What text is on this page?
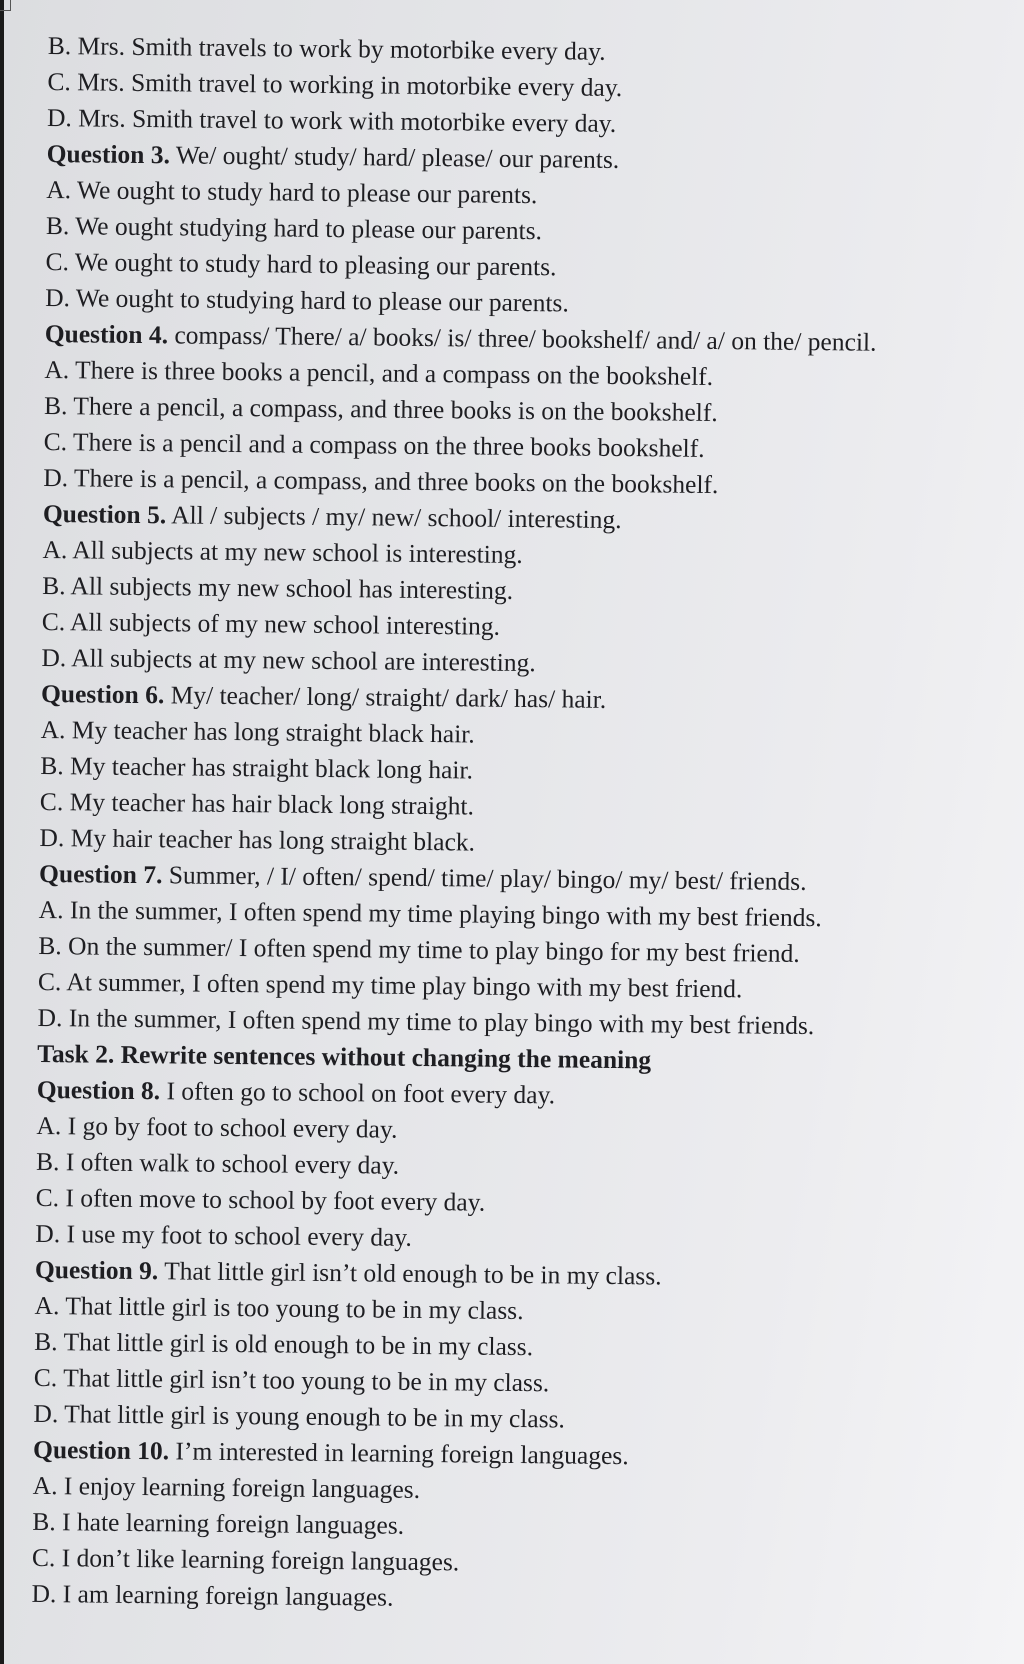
B. Mrs. Smith travels to work by motorbike every day.
C. Mrs. Smith travel to working in motorbike every day.
D. Mrs. Smith travel to work with motorbike every day.
Question 3. We/ ought/ study/ hard/ please/ our parents.
A. We ought to study hard to please our parents.
B. We ought studying hard to please our parents.
C. We ought to study hard to pleasing our parents.
D. We ought to studying hard to please our parents.
Question 4. compass/ There/ a/ books/ is/ three/ bookshelf/ and/ a/ on the/ pencil.
A. There is three books a pencil, and a compass on the bookshelf.
B. There a pencil, a compass, and three books is on the bookshelf.
C. There is a pencil and a compass on the three books bookshelf.
D. There is a pencil, a compass, and three books on the bookshelf.
Question 5. All / subjects / my/ new/ school/ interesting.
A. All subjects at my new school is interesting.
B. All subjects my new school has interesting.
C. All subjects of my new school interesting.
D. All subjects at my new school are interesting.
Question 6. My/ teacher/ long/ straight/ dark/ has/ hair.
A. My teacher has long straight black hair.
B. My teacher has straight black long hair.
C. My teacher has hair black long straight.
D. My hair teacher has long straight black.
Question 7. Summer, / I/ often/ spend/ time/ play/ bingo/ my/ best/ friends.
A. In the summer, I often spend my time playing bingo with my best friends.
B. On the summer/ I often spend my time to play bingo for my best friend.
C. At summer, I often spend my time play bingo with my best friend.
D. In the summer, I often spend my time to play bingo with my best friends.
Task 2. Rewrite sentences without changing the meaning
Question 8. I often go to school on foot every day.
A. I go by foot to school every day.
B. I often walk to school every day.
C. I often move to school by foot every day.
D. I use my foot to school every day.
Question 9. That little girl isn’t old enough to be in my class.
A. That little girl is too young to be in my class.
B. That little girl is old enough to be in my class.
C. That little girl isn’t too young to be in my class.
D. That little girl is young enough to be in my class.
Question 10. I’m interested in learning foreign languages.
A. I enjoy learning foreign languages.
B. I hate learning foreign languages.
C. I don’t like learning foreign languages.
D. I am learning foreign languages.
